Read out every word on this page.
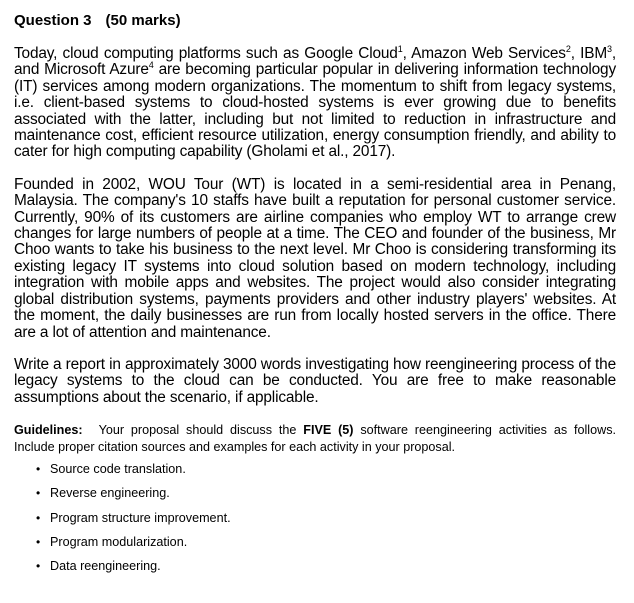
Question 3 (50 marks)

Today, cloud computing platforms such as Google Cloud$^1$, Amazon Web Services$^2$, IBM$^3$, and Microsoft Azure$^4$ are becoming particular popular in delivering information technology (IT) services among modern organizations. The momentum to shift from legacy systems, i.e. client-based systems to cloud-hosted systems is ever growing due to benefits associated with the latter, including but not limited to reduction in infrastructure and maintenance cost, efficient resource utilization, energy consumption friendly, and ability to cater for high computing capability (Gholami et al., 2017).

Founded in 2002, WOU Tour (WT) is located in a semi-residential area in Penang, Malaysia. The company's 10 staffs have built a reputation for personal customer service. Currently, 90% of its customers are airline companies who employ WT to arrange crew changes for large numbers of people at a time. The CEO and founder of the business, Mr Choo wants to take his business to the next level. Mr Choo is considering transforming its existing legacy IT systems into cloud solution based on modern technology, including integration with mobile apps and websites. The project would also consider integrating global distribution systems, payments providers and other industry players' websites. At the moment, the daily businesses are run from locally hosted servers in the office. There are a lot of attention and maintenance.

Write a report in approximately 3000 words investigating how reengineering process of the legacy systems to the cloud can be conducted. You are free to make reasonable assumptions about the scenario, if applicable.

Guidelines: Your proposal should discuss the FIVE (5) software reengineering activities as follows. Include proper citation sources and examples for each activity in your proposal.

• Source code translation.
• Reverse engineering.
• Program structure improvement.
• Program modularization.
• Data reengineering.
